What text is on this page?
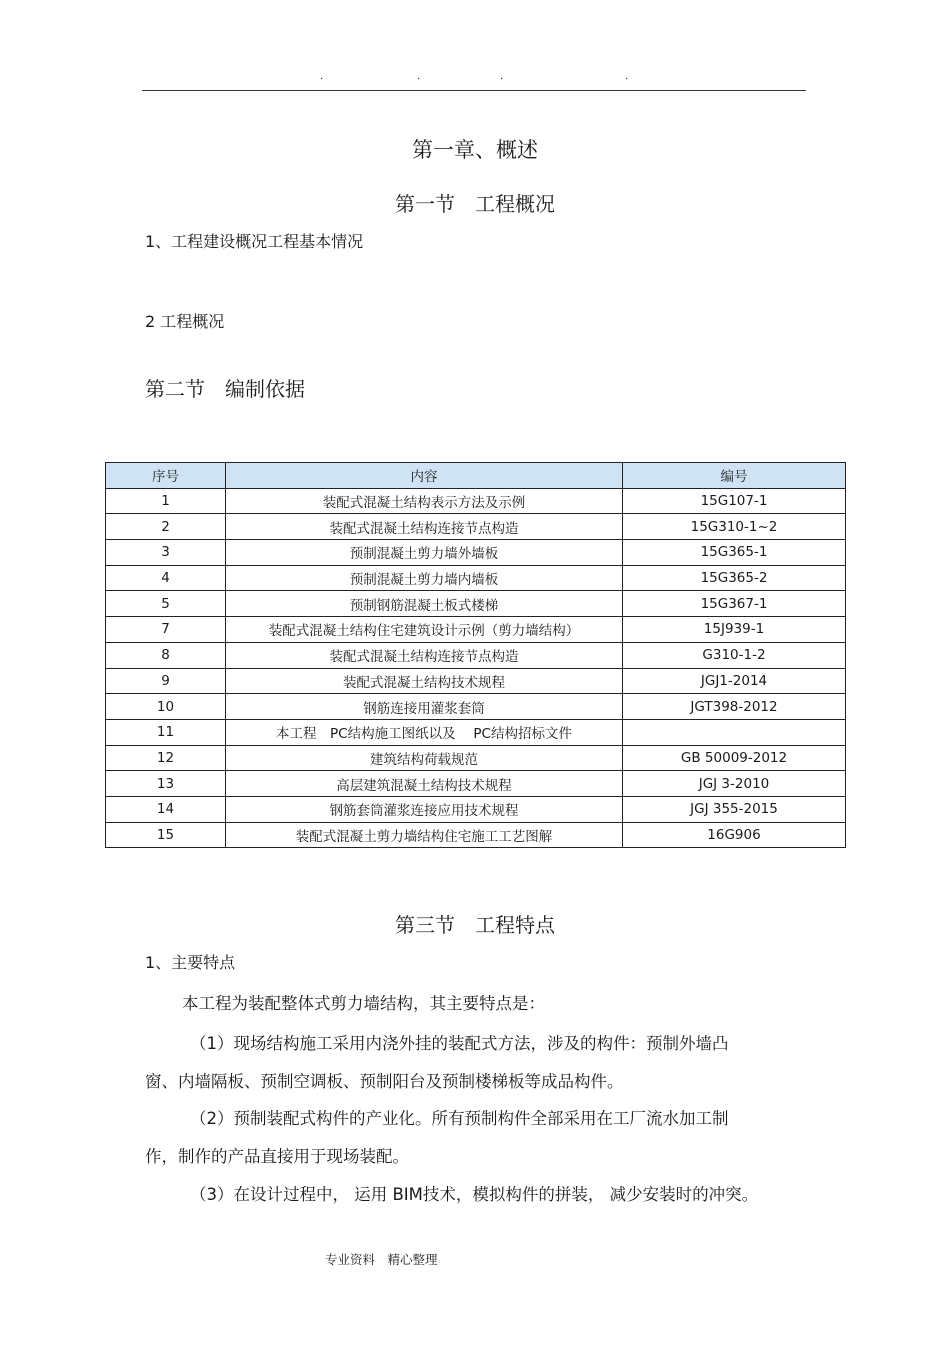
.	.	.	.
第一章、概述
第一节　工程概况
1、工程建设概况工程基本情况
2 工程概况
第二节　编制依据
序号	内容	编号
1	装配式混凝土结构表示方法及示例	15G107-1
2	装配式混凝土结构连接节点构造	15G310-1~2
3	预制混凝土剪力墙外墙板	15G365-1
4	预制混凝土剪力墙内墙板	15G365-2
5	预制钢筋混凝土板式楼梯	15G367-1
7	装配式混凝土结构住宅建筑设计示例（剪力墙结构）	15J939-1
8	装配式混凝土结构连接节点构造	G310-1-2
9	装配式混凝土结构技术规程	JGJ1-2014
10	钢筋连接用灌浆套筒	JGT398-2012
11	本工程　PC结构施工图纸以及　 PC结构招标文件	
12	建筑结构荷载规范	GB 50009-2012
13	高层建筑混凝土结构技术规程	JGJ 3-2010
14	钢筋套筒灌浆连接应用技术规程	JGJ 355-2015
15	装配式混凝土剪力墙结构住宅施工工艺图解	16G906
第三节　工程特点
1、主要特点
本工程为装配整体式剪力墙结构，其主要特点是：
（1）现场结构施工采用内浇外挂的装配式方法，涉及的构件：预制外墙凸
窗、内墙隔板、预制空调板、预制阳台及预制楼梯板等成品构件。
（2）预制装配式构件的产业化。所有预制构件全部采用在工厂流水加工制
作，制作的产品直接用于现场装配。
（3）在设计过程中， 运用 BIM技术，模拟构件的拼装， 减少安装时的冲突。
专业资料　精心整理
